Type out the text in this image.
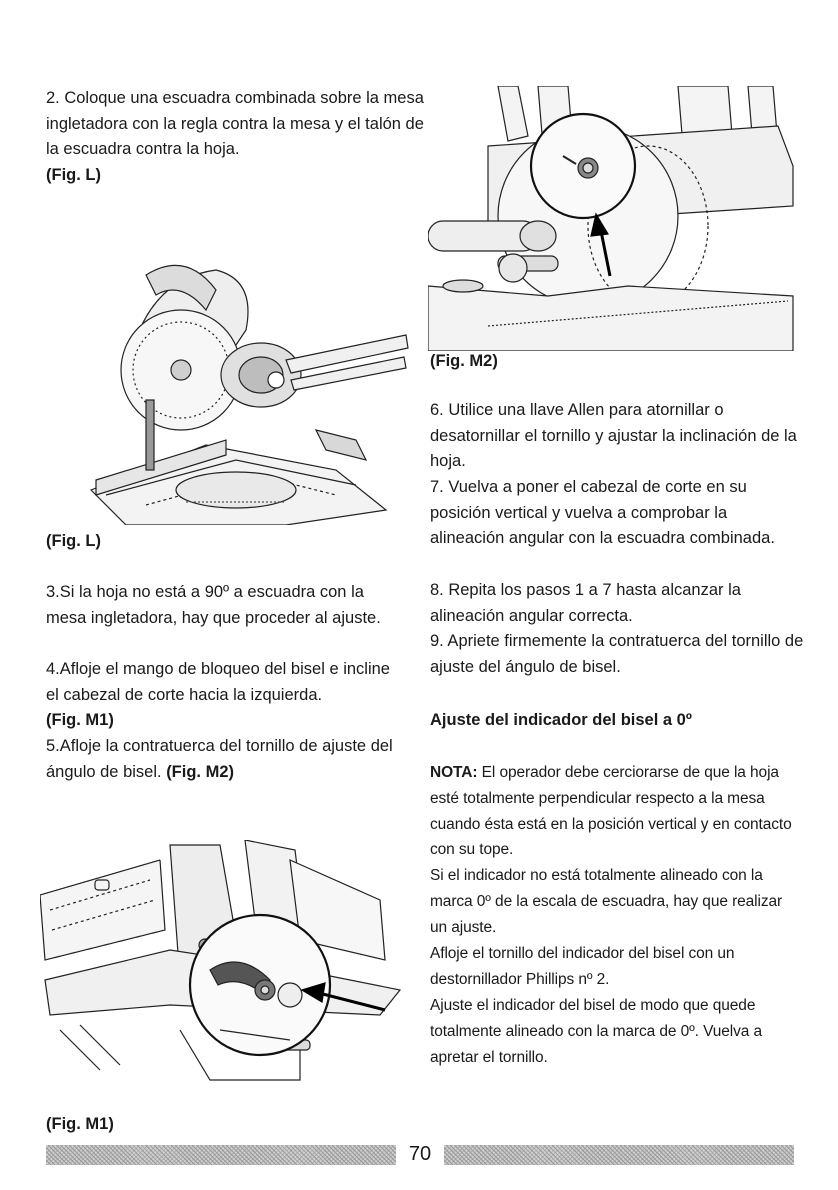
2. Coloque una escuadra combinada sobre la mesa ingletadora con la regla contra la mesa y el talón de la escuadra contra la hoja.
(Fig. L)

(Fig. L)

3.Si la hoja no está a 90º a escuadra con la mesa ingletadora, hay que proceder al ajuste.

4.Afloje el mango de bloqueo del bisel e incline el cabezal de corte hacia la izquierda.
(Fig. M1)

5.Afloje la contratuerca del tornillo de ajuste del ángulo de bisel. (Fig. M2)

(Fig. M1)

(Fig. M2)

6. Utilice una llave Allen para atornillar o desatornillar el tornillo y ajustar la inclinación de la hoja.

7. Vuelva a poner el cabezal de corte en su posición vertical y vuelva a comprobar la alineación angular con la escuadra combinada.

8. Repita los pasos 1 a 7 hasta alcanzar la alineación angular correcta.

9. Apriete firmemente la contratuerca del tornillo de ajuste del ángulo de bisel.

Ajuste del indicador del bisel a 0º

NOTA: El operador debe cerciorarse de que la hoja esté totalmente perpendicular respecto a la mesa cuando ésta está en la posición vertical y en contacto con su tope.

Si el indicador no está totalmente alineado con la marca 0º de la escala de escuadra, hay que realizar un ajuste.

Afloje el tornillo del indicador del bisel con un destornillador Phillips nº 2.

Ajuste el indicador del bisel de modo que quede totalmente alineado con la marca de 0º. Vuelva a apretar el tornillo.

70
